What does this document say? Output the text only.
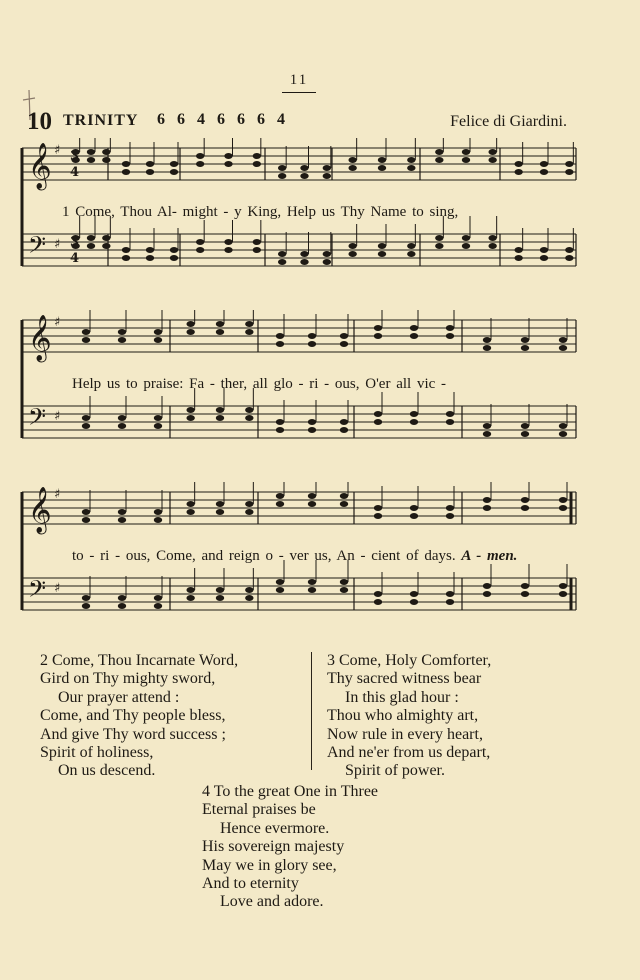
11
10 TRINITY 6 6 4 6 6 6 4	Felice di Giardini.
𝄞 ♯
𝄢 ♯
3
4
3
4
1 Come, Thou Al- might - y King, Help us Thy Name to sing,
𝄞 ♯
𝄢 ♯
Help us to praise: Fa - ther, all glo - ri - ous, O'er all vic -
𝄞 ♯
𝄢 ♯
to - ri - ous, Come, and reign o - ver us, An - cient of days. A - men.
2 Come, Thou Incarnate Word,
Gird on Thy mighty sword,
Our prayer attend :
Come, and Thy people bless,
And give Thy word success ;
Spirit of holiness,
On us descend.
3 Come, Holy Comforter,
Thy sacred witness bear
In this glad hour :
Thou who almighty art,
Now rule in every heart,
And ne'er from us depart,
Spirit of power.
4 To the great One in Three
Eternal praises be
Hence evermore.
His sovereign majesty
May we in glory see,
And to eternity
Love and adore.
